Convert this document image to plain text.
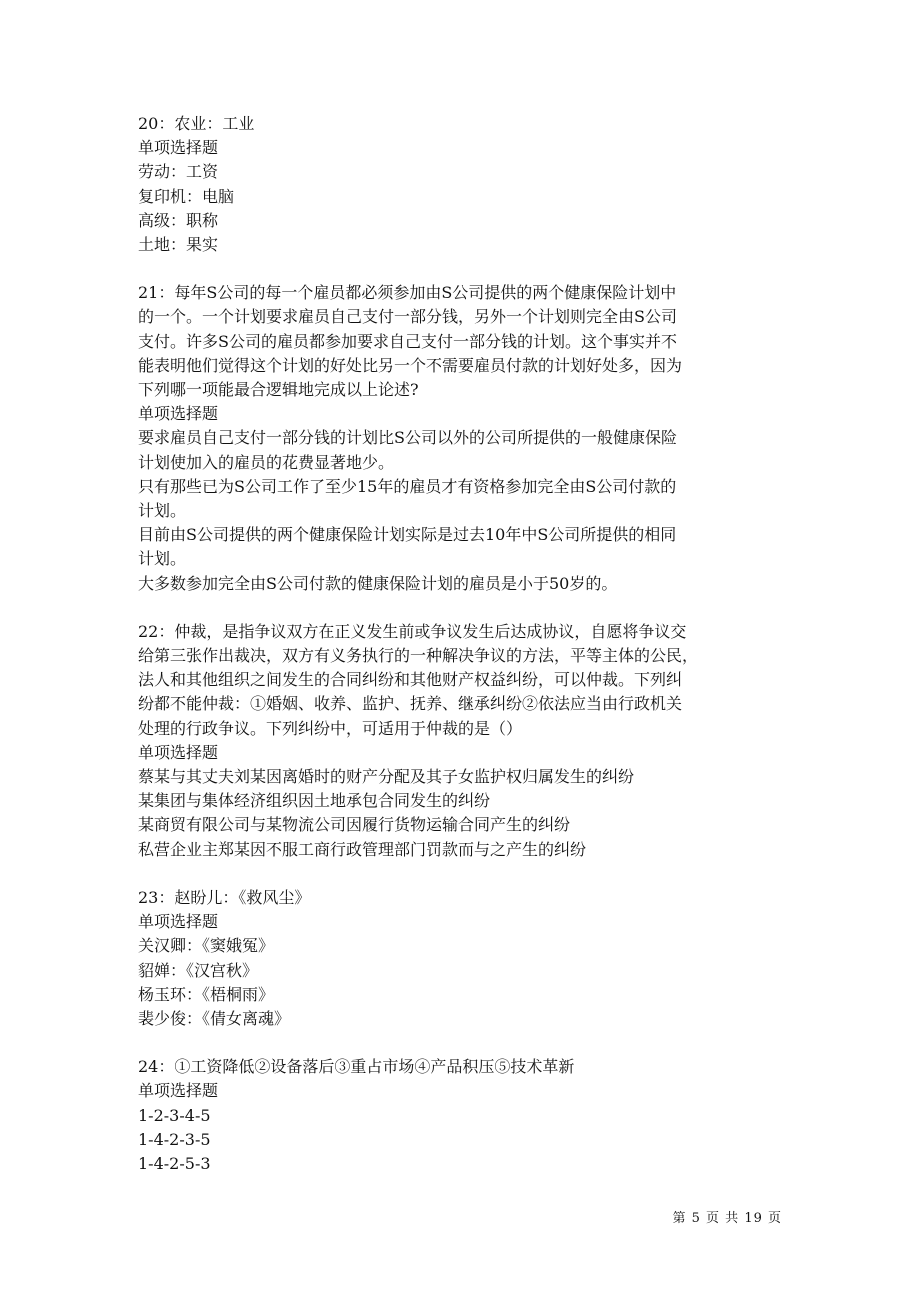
20：农业：工业
单项选择题
劳动：工资
复印机：电脑
高级：职称
土地：果实
21：每年S公司的每一个雇员都必须参加由S公司提供的两个健康保险计划中
的一个。一个计划要求雇员自己支付一部分钱，另外一个计划则完全由S公司
支付。许多S公司的雇员都参加要求自己支付一部分钱的计划。这个事实并不
能表明他们觉得这个计划的好处比另一个不需要雇员付款的计划好处多，因为
下列哪一项能最合逻辑地完成以上论述?
单项选择题
要求雇员自己支付一部分钱的计划比S公司以外的公司所提供的一般健康保险
计划使加入的雇员的花费显著地少。
只有那些已为S公司工作了至少15年的雇员才有资格参加完全由S公司付款的
计划。
目前由S公司提供的两个健康保险计划实际是过去10年中S公司所提供的相同
计划。
大多数参加完全由S公司付款的健康保险计划的雇员是小于50岁的。
22：仲裁，是指争议双方在正义发生前或争议发生后达成协议，自愿将争议交
给第三张作出裁决，双方有义务执行的一种解决争议的方法，平等主体的公民，
法人和其他组织之间发生的合同纠纷和其他财产权益纠纷，可以仲裁。下列纠
纷都不能仲裁：①婚姻、收养、监护、抚养、继承纠纷②依法应当由行政机关
处理的行政争议。下列纠纷中，可适用于仲裁的是（）
单项选择题
蔡某与其丈夫刘某因离婚时的财产分配及其子女监护权归属发生的纠纷
某集团与集体经济组织因土地承包合同发生的纠纷
某商贸有限公司与某物流公司因履行货物运输合同产生的纠纷
私营企业主郑某因不服工商行政管理部门罚款而与之产生的纠纷
23：赵盼儿：《救风尘》
单项选择题
关汉卿：《窦娥冤》
貂婵：《汉宫秋》
杨玉环：《梧桐雨》
裴少俊：《倩女离魂》
24：①工资降低②设备落后③重占市场④产品积压⑤技术革新
单项选择题
1-2-3-4-5
1-4-2-3-5
1-4-2-5-3
第 5 页 共 19 页
